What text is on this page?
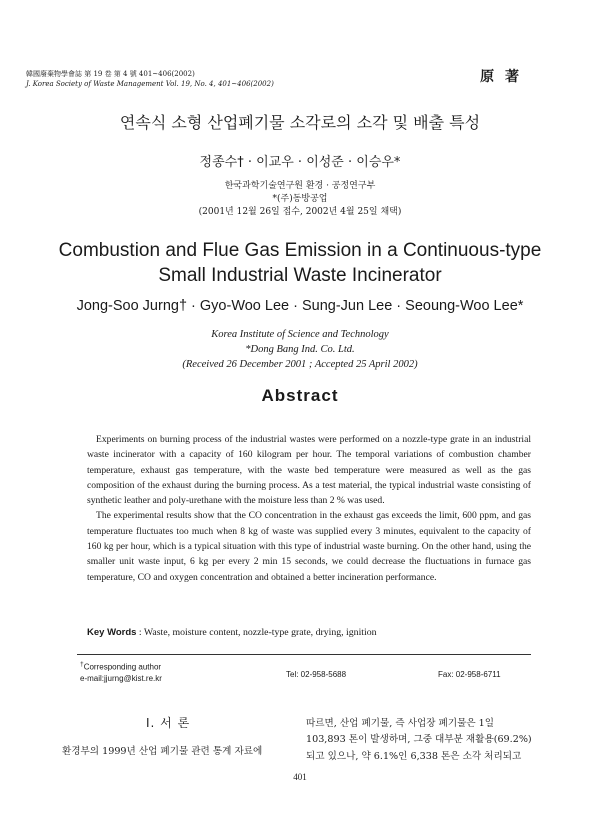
韓國廢棄物學會誌 第 19 卷 第 4 號 401~406(2002)
J. Korea Society of Waste Management Vol. 19, No. 4, 401~406(2002)	原 著
연속식 소형 산업폐기물 소각로의 소각 및 배출 특성
정종수† · 이교우 · 이성준 · 이승우*
한국과학기술연구원 환경 · 공정연구부
*(주)동방공업
(2001년 12월 26일 접수, 2002년 4월 25일 채택)
Combustion and Flue Gas Emission in a Continuous-type
Small Industrial Waste Incinerator
Jong-Soo Jurng† · Gyo-Woo Lee · Sung-Jun Lee · Seoung-Woo Lee*
Korea Institute of Science and Technology
*Dong Bang Ind. Co. Ltd.
(Received 26 December 2001 ; Accepted 25 April 2002)
Abstract

Experiments on burning process of the industrial wastes were performed on a nozzle-type grate in an industrial waste incinerator with a capacity of 160 kilogram per hour. The temporal variations of combustion chamber temperature, exhaust gas temperature, with the waste bed temperature were measured as well as the gas composition of the exhaust during the burning process. As a test material, the typical industrial waste consisting of synthetic leather and poly-urethane with the moisture less than 2 % was used.

The experimental results show that the CO concentration in the exhaust gas exceeds the limit, 600 ppm, and gas temperature fluctuates too much when 8 kg of waste was supplied every 3 minutes, equivalent to the capacity of 160 kg per hour, which is a typical situation with this type of industrial waste burning. On the other hand, using the smaller unit waste input, 6 kg per every 2 min 15 seconds, we could decrease the fluctuations in furnace gas temperature, CO and oxygen concentration and obtained a better incineration performance.

Key Words : Waste, moisture content, nozzle-type grate, drying, ignition
†Corresponding author
e-mail:jjurng@kist.re.kr	Tel: 02-958-5688	Fax: 02-958-6711
Ⅰ. 서 론
환경부의 1999년 산업 폐기물 관련 통계 자료에
따르면, 산업 폐기물, 즉 사업장 폐기물은 1일
103,893 톤이 발생하며, 그중 대부분 재활용(69.2%)
되고 있으나, 약 6.1%인 6,338 톤은 소각 처리되고
401
